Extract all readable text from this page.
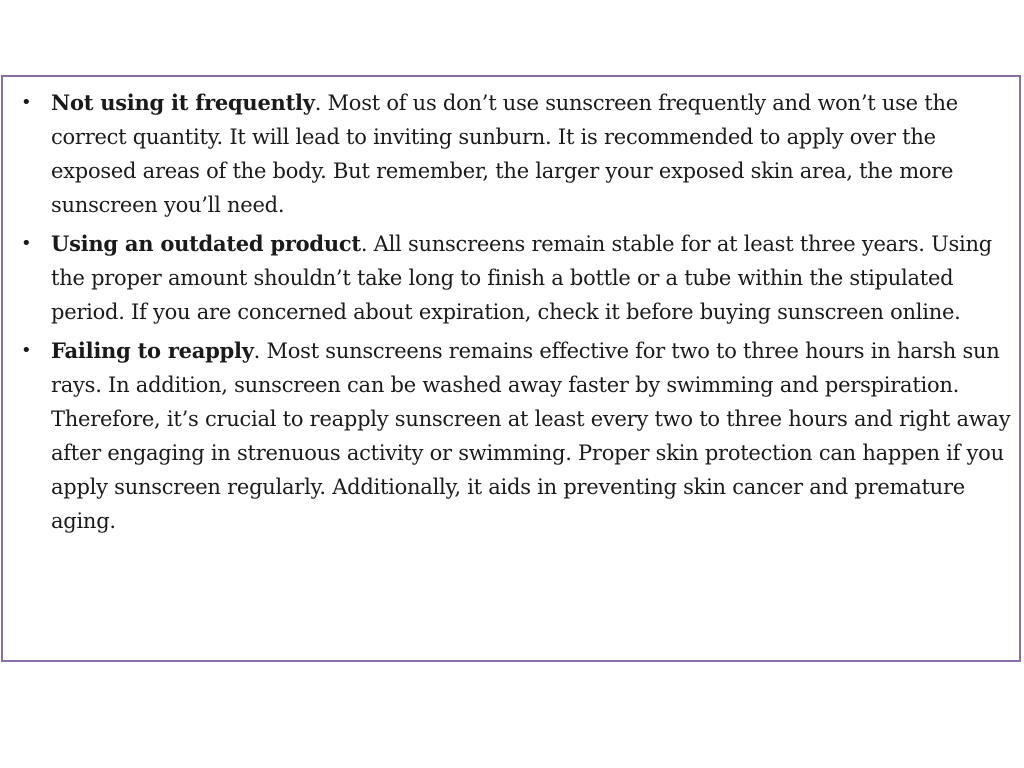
• Not using it frequently. Most of us don’t use sunscreen frequently and won’t use the correct quantity. It will lead to inviting sunburn. It is recommended to apply over the exposed areas of the body. But remember, the larger your exposed skin area, the more sunscreen you’ll need.
• Using an outdated product. All sunscreens remain stable for at least three years. Using the proper amount shouldn’t take long to finish a bottle or a tube within the stipulated period. If you are concerned about expiration, check it before buying sunscreen online.
• Failing to reapply. Most sunscreens remains effective for two to three hours in harsh sun rays. In addition, sunscreen can be washed away faster by swimming and perspiration. Therefore, it’s crucial to reapply sunscreen at least every two to three hours and right away after engaging in strenuous activity or swimming. Proper skin protection can happen if you apply sunscreen regularly. Additionally, it aids in preventing skin cancer and premature aging.
